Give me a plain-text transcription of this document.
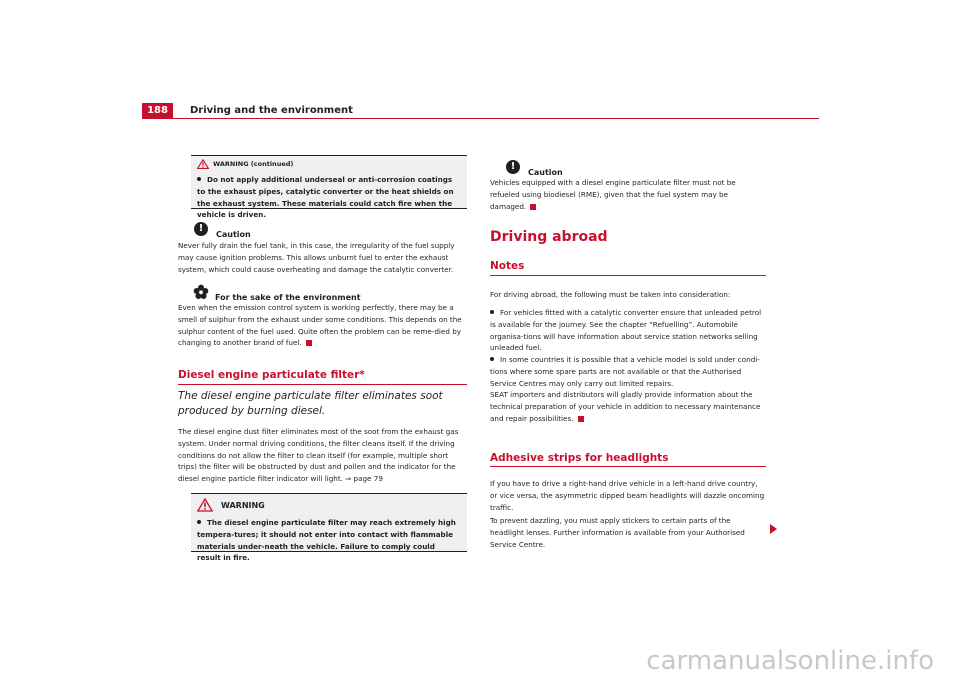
188	Driving and the environment
WARNING (continued)
Do not apply additional underseal or anti-corrosion coatings to the exhaust pipes, catalytic converter or the heat shields on the exhaust system. These materials could catch fire when the vehicle is driven.
!	Caution
Never fully drain the fuel tank, in this case, the irregularity of the fuel supply may cause ignition problems. This allows unburnt fuel to enter the exhaust system, which could cause overheating and damage the catalytic converter.
For the sake of the environment
Even when the emission control system is working perfectly, there may be a smell of sulphur from the exhaust under some conditions. This depends on the sulphur content of the fuel used. Quite often the problem can be reme-died by changing to another brand of fuel.
Diesel engine particulate filter*
The diesel engine particulate filter eliminates soot produced by burning diesel.
The diesel engine dust filter eliminates most of the soot from the exhaust gas system. Under normal driving conditions, the filter cleans itself. If the driving conditions do not allow the filter to clean itself (for example, multiple short trips) the filter will be obstructed by dust and pollen and the indicator for the diesel engine particle filter indicator will light. ⇒ page 79
WARNING
The diesel engine particulate filter may reach extremely high tempera-tures; it should not enter into contact with flammable materials under-neath the vehicle. Failure to comply could result in fire.
!	Caution
Vehicles equipped with a diesel engine particulate filter must not be refueled using biodiesel (RME), given that the fuel system may be damaged.
Driving abroad
Notes
For driving abroad, the following must be taken into consideration:
For vehicles fitted with a catalytic converter ensure that unleaded petrol is available for the journey. See the chapter “Refuelling”. Automobile organisa-tions will have information about service station networks selling unleaded fuel.
In some countries it is possible that a vehicle model is sold under condi-tions where some spare parts are not available or that the Authorised Service Centres may only carry out limited repairs.
SEAT importers and distributors will gladly provide information about the technical preparation of your vehicle in addition to necessary maintenance and repair possibilities.
Adhesive strips for headlights
If you have to drive a right-hand drive vehicle in a left-hand drive country, or vice versa, the asymmetric dipped beam headlights will dazzle oncoming traffic.
To prevent dazzling, you must apply stickers to certain parts of the headlight lenses. Further information is available from your Authorised Service Centre.
carmanualsonline.info
